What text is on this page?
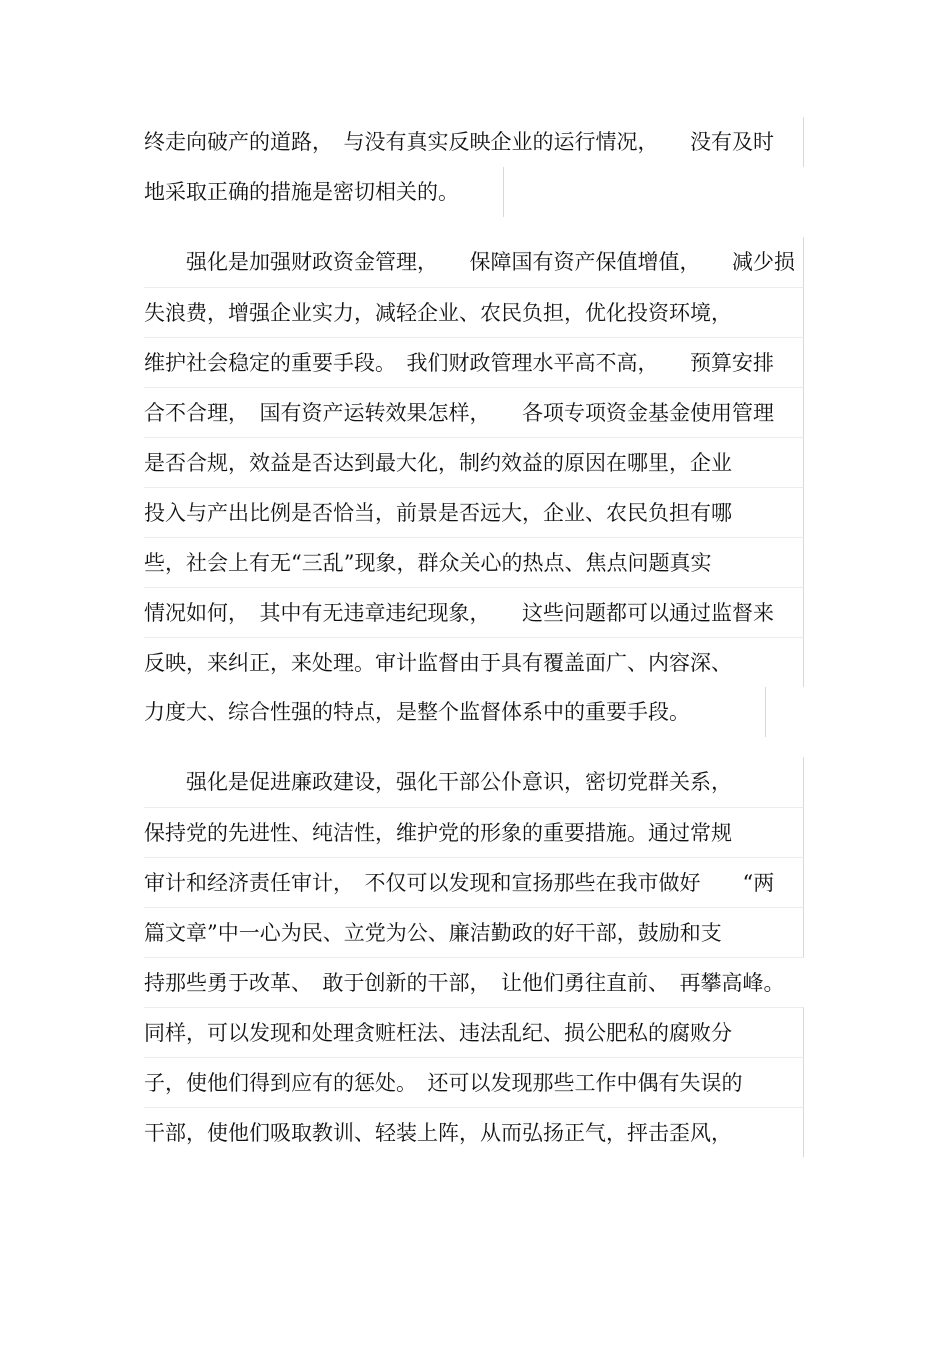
终走向破产的道路，　与没有真实反映企业的运行情况，　　没有及时
地采取正确的措施是密切相关的。
　　强化是加强财政资金管理，　　保障国有资产保值增值，　　减少损
失浪费，增强企业实力，减轻企业、农民负担，优化投资环境，
维护社会稳定的重要手段。　我们财政管理水平高不高，　　预算安排
合不合理，　国有资产运转效果怎样，　　各项专项资金基金使用管理
是否合规，效益是否达到最大化，制约效益的原因在哪里，企业
投入与产出比例是否恰当，前景是否远大，企业、农民负担有哪
些，社会上有无“三乱”现象，群众关心的热点、焦点问题真实
情况如何，　其中有无违章违纪现象，　　这些问题都可以通过监督来
反映，来纠正，来处理。审计监督由于具有覆盖面广、内容深、
力度大、综合性强的特点，是整个监督体系中的重要手段。
　　强化是促进廉政建设，强化干部公仆意识，密切党群关系，
保持党的先进性、纯洁性，维护党的形象的重要措施。通过常规
审计和经济责任审计，　不仅可以发现和宣扬那些在我市做好　　“两
篇文章”中一心为民、立党为公、廉洁勤政的好干部，鼓励和支
持那些勇于改革、　敢于创新的干部，　让他们勇往直前、　再攀高峰。
同样，可以发现和处理贪赃枉法、违法乱纪、损公肥私的腐败分
子，使他们得到应有的惩处。　还可以发现那些工作中偶有失误的
干部，使他们吸取教训、轻装上阵，从而弘扬正气，抨击歪风，
